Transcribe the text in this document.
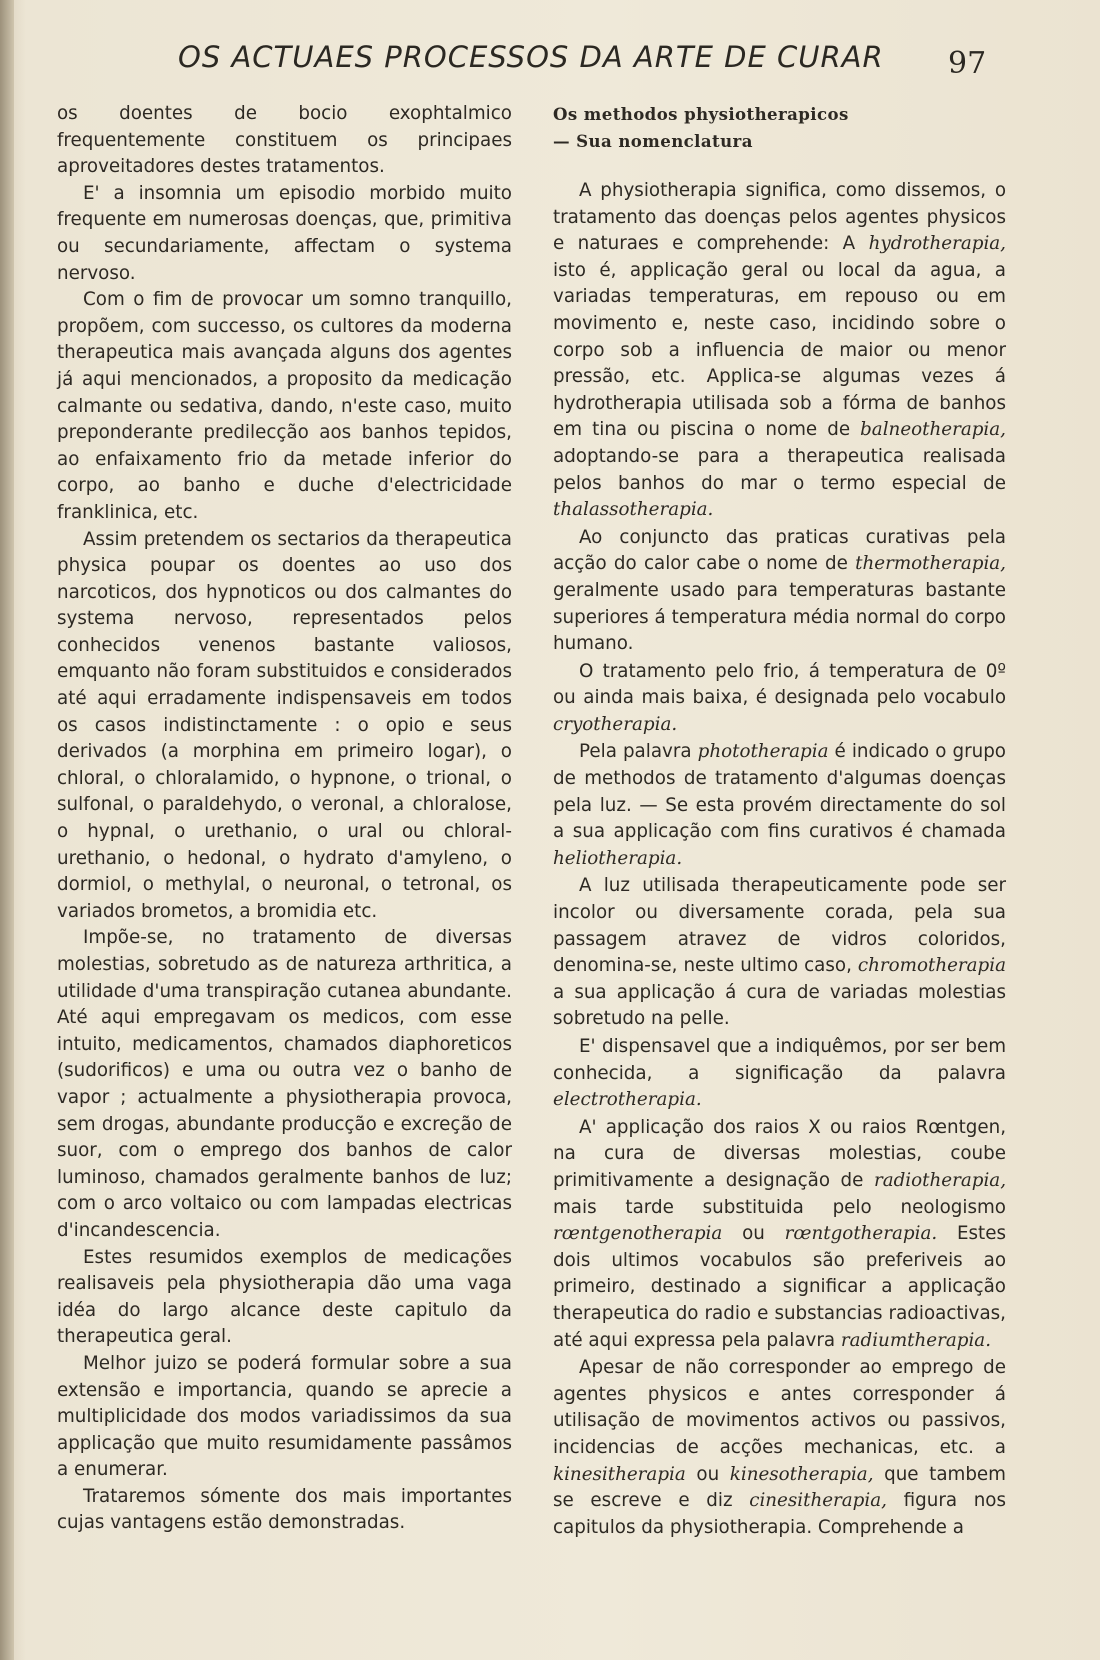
OS ACTUAES PROCESSOS DA ARTE DE CURAR	97

os doentes de bocio exophtalmico frequentemente constituem os principaes aproveitadores destes tratamentos.

E' a insomnia um episodio morbido muito frequente em numerosas doenças, que, primitiva ou secundariamente, affectam o systema nervoso.

Com o fim de provocar um somno tranquillo, propõem, com successo, os cultores da moderna therapeutica mais avançada alguns dos agentes já aqui mencionados, a proposito da medicação calmante ou sedativa, dando, n'este caso, muito preponderante predilecção aos banhos tepidos, ao enfaixamento frio da metade inferior do corpo, ao banho e duche d'electricidade franklinica, etc.

Assim pretendem os sectarios da therapeutica physica poupar os doentes ao uso dos narcoticos, dos hypnoticos ou dos calmantes do systema nervoso, representados pelos conhecidos venenos bastante valiosos, emquanto não foram substituidos e considerados até aqui erradamente indispensaveis em todos os casos indistinctamente : o opio e seus derivados (a morphina em primeiro logar), o chloral, o chloralamido, o hypnone, o trional, o sulfonal, o paraldehydo, o veronal, a chloralose, o hypnal, o urethanio, o ural ou chloral-urethanio, o hedonal, o hydrato d'amyleno, o dormiol, o methylal, o neuronal, o tetronal, os variados brometos, a bromidia etc.

Impõe-se, no tratamento de diversas molestias, sobretudo as de natureza arthritica, a utilidade d'uma transpiração cutanea abundante. Até aqui empregavam os medicos, com esse intuito, medicamentos, chamados diaphoreticos (sudorificos) e uma ou outra vez o banho de vapor ; actualmente a physiotherapia provoca, sem drogas, abundante producção e excreção de suor, com o emprego dos banhos de calor luminoso, chamados geralmente banhos de luz; com o arco voltaico ou com lampadas electricas d'incandescencia.

Estes resumidos exemplos de medicações realisaveis pela physiotherapia dão uma vaga idéa do largo alcance deste capitulo da therapeutica geral.

Melhor juizo se poderá formular sobre a sua extensão e importancia, quando se aprecie a multiplicidade dos modos variadissimos da sua applicação que muito resumidamente passâmos a enumerar.

Trataremos sómente dos mais importantes cujas vantagens estão demonstradas.

Os methodos physiotherapicos

— Sua nomenclatura

A physiotherapia significa, como dissemos, o tratamento das doenças pelos agentes physicos e naturaes e comprehende: A hydrotherapia, isto é, applicação geral ou local da agua, a variadas temperaturas, em repouso ou em movimento e, neste caso, incidindo sobre o corpo sob a influencia de maior ou menor pressão, etc. Applica-se algumas vezes á hydrotherapia utilisada sob a fórma de banhos em tina ou piscina o nome de balneotherapia, adoptando-se para a therapeutica realisada pelos banhos do mar o termo especial de thalassotherapia.

Ao conjuncto das praticas curativas pela acção do calor cabe o nome de thermotherapia, geralmente usado para temperaturas bastante superiores á temperatura média normal do corpo humano.

O tratamento pelo frio, á temperatura de 0º ou ainda mais baixa, é designada pelo vocabulo cryotherapia.

Pela palavra phototherapia é indicado o grupo de methodos de tratamento d'algumas doenças pela luz. — Se esta provém directamente do sol a sua applicação com fins curativos é chamada heliotherapia.

A luz utilisada therapeuticamente pode ser incolor ou diversamente corada, pela sua passagem atravez de vidros coloridos, denomina-se, neste ultimo caso, chromotherapia a sua applicação á cura de variadas molestias sobretudo na pelle.

E' dispensavel que a indiquêmos, por ser bem conhecida, a significação da palavra electrotherapia.

A' applicação dos raios X ou raios Rœntgen, na cura de diversas molestias, coube primitivamente a designação de radiotherapia, mais tarde substituida pelo neologismo rœntgenotherapia ou rœntgotherapia. Estes dois ultimos vocabulos são preferiveis ao primeiro, destinado a significar a applicação therapeutica do radio e substancias radioactivas, até aqui expressa pela palavra radiumtherapia.

Apesar de não corresponder ao emprego de agentes physicos e antes corresponder á utilisação de movimentos activos ou passivos, incidencias de acções mechanicas, etc. a kinesitherapia ou kinesotherapia, que tambem se escreve e diz cinesitherapia, figura nos capitulos da physiotherapia. Comprehende a
